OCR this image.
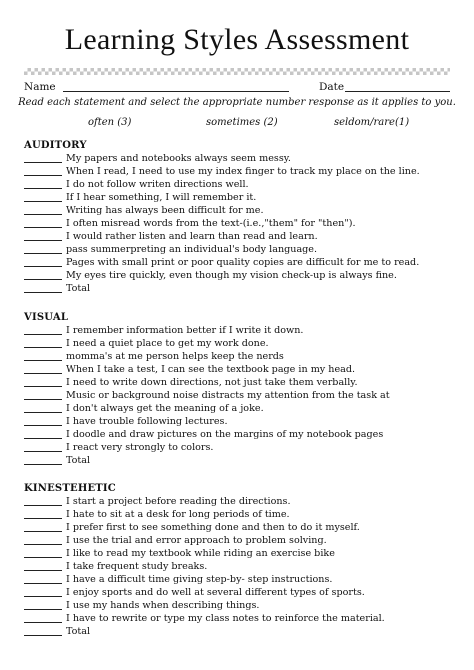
Learning Styles Assessment
Name	Date
Read each statement and select the appropriate number response as it applies to you.
often (3)	sometimes (2)	seldom/rare(1)
AUDITORY
My papers and notebooks always seem messy.
When I read, I need to use my index finger to track my place on the line.
I do not follow writen directions well.
If I hear something, I will remember it.
Writing has always been difficult for me.
I often misread words from the text-(i.e.,"them" for "then").
I would rather listen and learn than read and learn.
pass summerpreting an individual's body language.
Pages with small print or poor quality copies are difficult for me to read.
My eyes tire quickly, even though my vision check-up is always fine.
Total
VISUAL
I remember information better if I write it down.
I need a quiet place to get my work done.
momma's at me person helps keep the nerds
When I take a test, I can see the textbook page in my head.
I need to write down directions, not just take them verbally.
Music or background noise distracts my attention from the task at
I don't always get the meaning of a joke.
I have trouble following lectures.
I doodle and draw pictures on the margins of my notebook pages
I react very strongly to colors.
Total
KINESTEHETIC
I start a project before reading the directions.
I hate to sit at a desk for long periods of time.
I prefer first to see something done and then to do it myself.
I use the trial and error approach to problem solving.
I like to read my textbook while riding an exercise bike
I take frequent study breaks.
I have a difficult time giving step-by- step instructions.
I enjoy sports and do well at several different types of sports.
I use my hands when describing things.
I have to rewrite or type my class notes to reinforce the material.
Total
